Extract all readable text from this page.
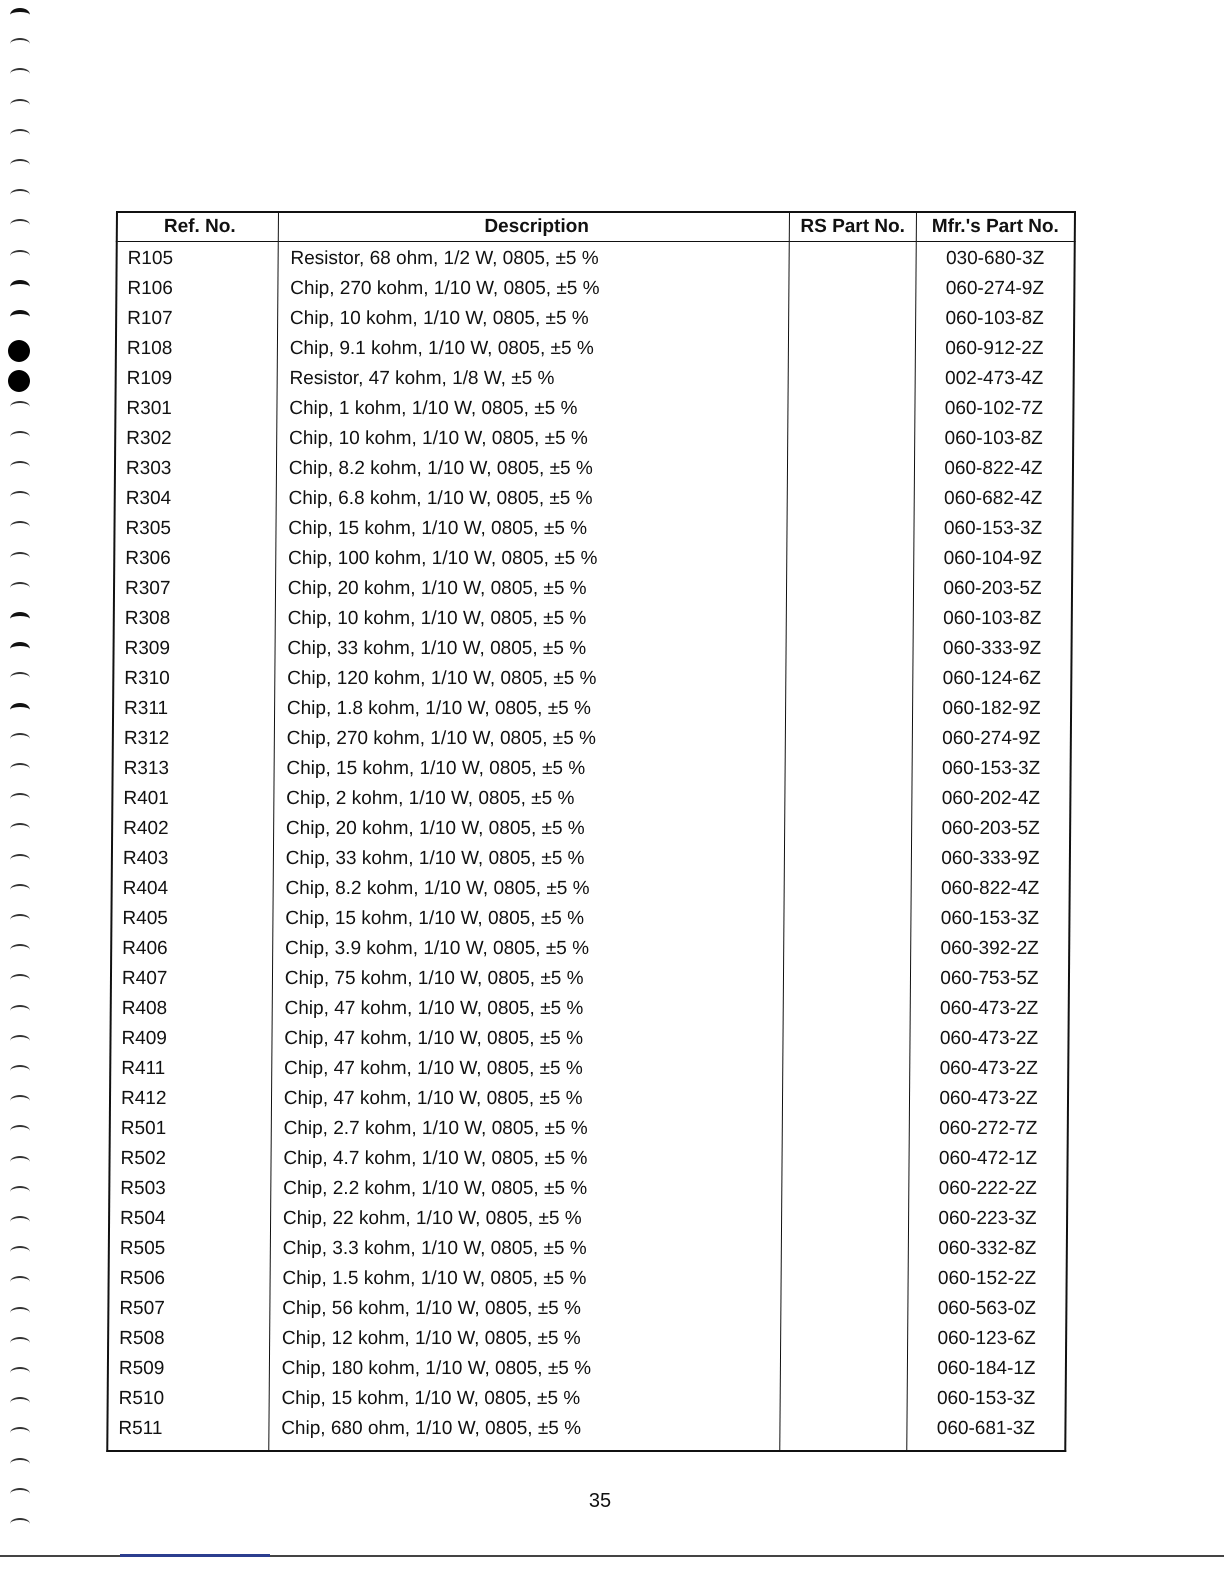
Ref. No.	Description	RS Part No.	Mfr.'s Part No.
R105	Resistor, 68 ohm, 1/2 W, 0805, ±5 %		030-680-3Z
R106	Chip, 270 kohm, 1/10 W, 0805, ±5 %		060-274-9Z
R107	Chip, 10 kohm, 1/10 W, 0805, ±5 %		060-103-8Z
R108	Chip, 9.1 kohm, 1/10 W, 0805, ±5 %		060-912-2Z
R109	Resistor, 47 kohm, 1/8 W, ±5 %		002-473-4Z
R301	Chip, 1 kohm, 1/10 W, 0805, ±5 %		060-102-7Z
R302	Chip, 10 kohm, 1/10 W, 0805, ±5 %		060-103-8Z
R303	Chip, 8.2 kohm, 1/10 W, 0805, ±5 %		060-822-4Z
R304	Chip, 6.8 kohm, 1/10 W, 0805, ±5 %		060-682-4Z
R305	Chip, 15 kohm, 1/10 W, 0805, ±5 %		060-153-3Z
R306	Chip, 100 kohm, 1/10 W, 0805, ±5 %		060-104-9Z
R307	Chip, 20 kohm, 1/10 W, 0805, ±5 %		060-203-5Z
R308	Chip, 10 kohm, 1/10 W, 0805, ±5 %		060-103-8Z
R309	Chip, 33 kohm, 1/10 W, 0805, ±5 %		060-333-9Z
R310	Chip, 120 kohm, 1/10 W, 0805, ±5 %		060-124-6Z
R311	Chip, 1.8 kohm, 1/10 W, 0805, ±5 %		060-182-9Z
R312	Chip, 270 kohm, 1/10 W, 0805, ±5 %		060-274-9Z
R313	Chip, 15 kohm, 1/10 W, 0805, ±5 %		060-153-3Z
R401	Chip, 2 kohm, 1/10 W, 0805, ±5 %		060-202-4Z
R402	Chip, 20 kohm, 1/10 W, 0805, ±5 %		060-203-5Z
R403	Chip, 33 kohm, 1/10 W, 0805, ±5 %		060-333-9Z
R404	Chip, 8.2 kohm, 1/10 W, 0805, ±5 %		060-822-4Z
R405	Chip, 15 kohm, 1/10 W, 0805, ±5 %		060-153-3Z
R406	Chip, 3.9 kohm, 1/10 W, 0805, ±5 %		060-392-2Z
R407	Chip, 75 kohm, 1/10 W, 0805, ±5 %		060-753-5Z
R408	Chip, 47 kohm, 1/10 W, 0805, ±5 %		060-473-2Z
R409	Chip, 47 kohm, 1/10 W, 0805, ±5 %		060-473-2Z
R411	Chip, 47 kohm, 1/10 W, 0805, ±5 %		060-473-2Z
R412	Chip, 47 kohm, 1/10 W, 0805, ±5 %		060-473-2Z
R501	Chip, 2.7 kohm, 1/10 W, 0805, ±5 %		060-272-7Z
R502	Chip, 4.7 kohm, 1/10 W, 0805, ±5 %		060-472-1Z
R503	Chip, 2.2 kohm, 1/10 W, 0805, ±5 %		060-222-2Z
R504	Chip, 22 kohm, 1/10 W, 0805, ±5 %		060-223-3Z
R505	Chip, 3.3 kohm, 1/10 W, 0805, ±5 %		060-332-8Z
R506	Chip, 1.5 kohm, 1/10 W, 0805, ±5 %		060-152-2Z
R507	Chip, 56 kohm, 1/10 W, 0805, ±5 %		060-563-0Z
R508	Chip, 12 kohm, 1/10 W, 0805, ±5 %		060-123-6Z
R509	Chip, 180 kohm, 1/10 W, 0805, ±5 %		060-184-1Z
R510	Chip, 15 kohm, 1/10 W, 0805, ±5 %		060-153-3Z
R511	Chip, 680 ohm, 1/10 W, 0805, ±5 %		060-681-3Z
35
